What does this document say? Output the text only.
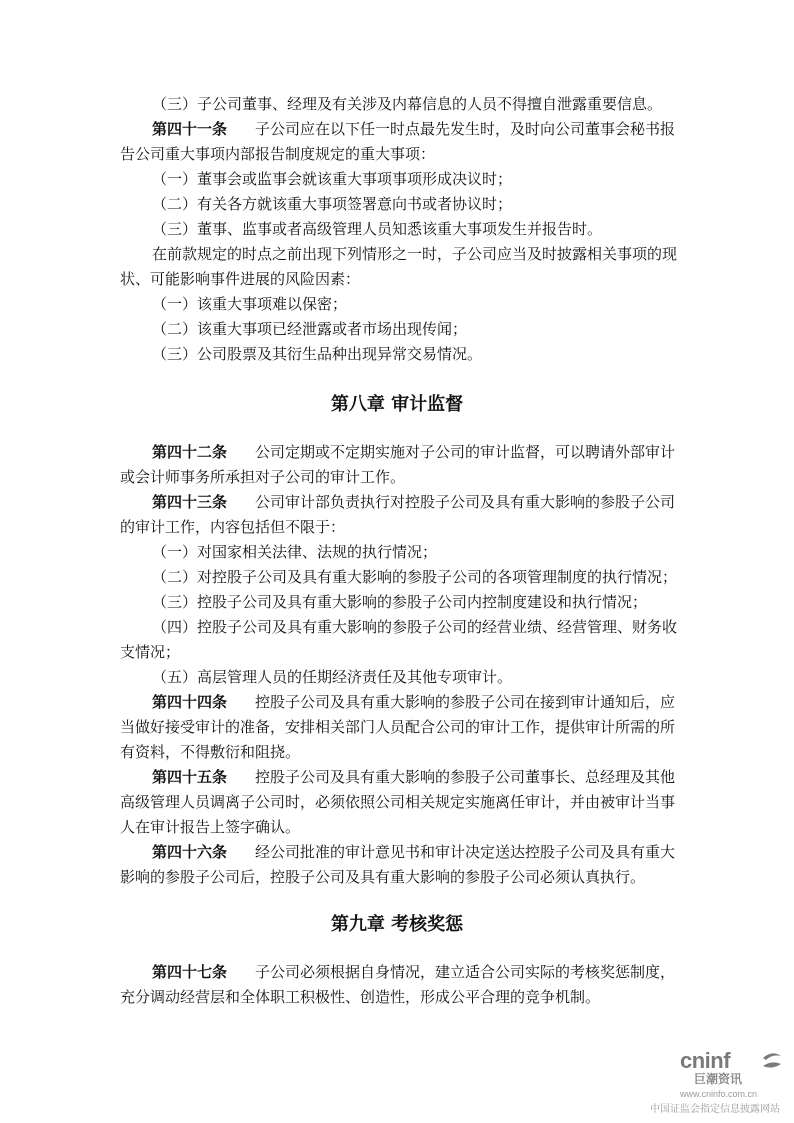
（三）子公司董事、经理及有关涉及内幕信息的人员不得擅自泄露重要信息。

第四十一条 子公司应在以下任一时点最先发生时，及时向公司董事会秘书报告公司重大事项内部报告制度规定的重大事项：

（一）董事会或监事会就该重大事项事项形成决议时；

（二）有关各方就该重大事项签署意向书或者协议时；

（三）董事、监事或者高级管理人员知悉该重大事项发生并报告时。

在前款规定的时点之前出现下列情形之一时，子公司应当及时披露相关事项的现状、可能影响事件进展的风险因素：

（一）该重大事项难以保密；

（二）该重大事项已经泄露或者市场出现传闻；

（三）公司股票及其衍生品种出现异常交易情况。

第八章 审计监督

第四十二条 公司定期或不定期实施对子公司的审计监督，可以聘请外部审计或会计师事务所承担对子公司的审计工作。

第四十三条 公司审计部负责执行对控股子公司及具有重大影响的参股子公司的审计工作，内容包括但不限于：

（一）对国家相关法律、法规的执行情况；

（二）对控股子公司及具有重大影响的参股子公司的各项管理制度的执行情况；

（三）控股子公司及具有重大影响的参股子公司内控制度建设和执行情况；

（四）控股子公司及具有重大影响的参股子公司的经营业绩、经营管理、财务收支情况；

（五）高层管理人员的任期经济责任及其他专项审计。

第四十四条 控股子公司及具有重大影响的参股子公司在接到审计通知后，应当做好接受审计的准备，安排相关部门人员配合公司的审计工作，提供审计所需的所有资料，不得敷衍和阻挠。

第四十五条 控股子公司及具有重大影响的参股子公司董事长、总经理及其他高级管理人员调离子公司时，必须依照公司相关规定实施离任审计，并由被审计当事人在审计报告上签字确认。

第四十六条 经公司批准的审计意见书和审计决定送达控股子公司及具有重大影响的参股子公司后，控股子公司及具有重大影响的参股子公司必须认真执行。

第九章 考核奖惩

第四十七条 子公司必须根据自身情况，建立适合公司实际的考核奖惩制度，充分调动经营层和全体职工积极性、创造性，形成公平合理的竞争机制。

cninf
巨潮资讯
www.cninfo.com.cn
中国证监会指定信息披露网站
